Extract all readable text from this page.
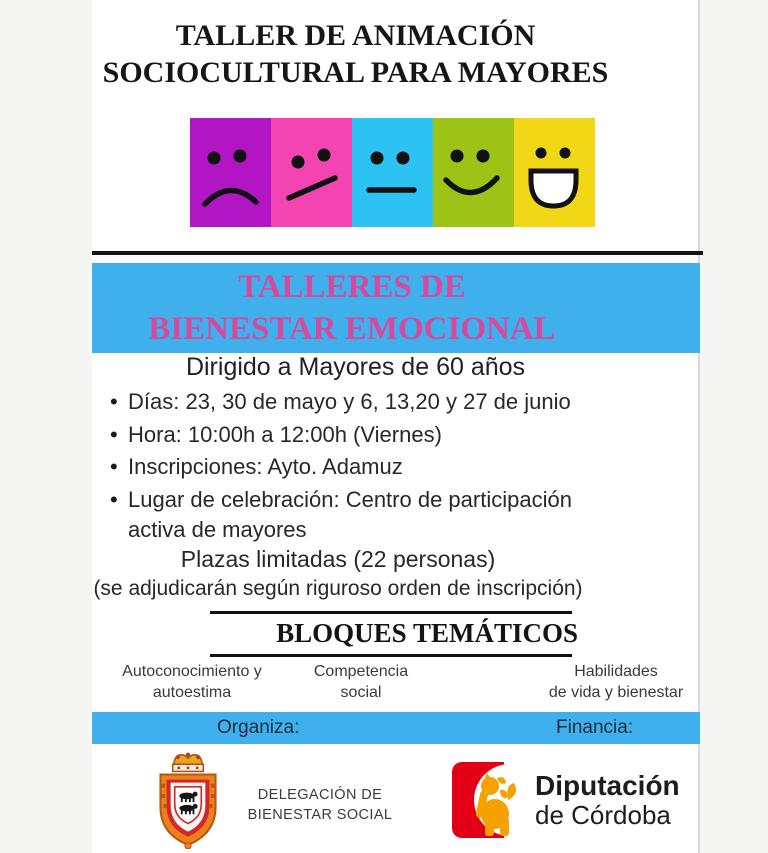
TALLER DE ANIMACIÓN
SOCIOCULTURAL PARA MAYORES
TALLERES DE
BIENESTAR EMOCIONAL
Dirigido a Mayores de 60 años
• Días: 23, 30 de mayo y 6, 13,20 y 27 de junio
• Hora: 10:00h a 12:00h (Viernes)
• Inscripciones: Ayto. Adamuz
• Lugar de celebración: Centro de participación activa de mayores
Plazas limitadas (22 personas)
(se adjudicarán según riguroso orden de inscripción)
BLOQUES TEMÁTICOS
Autoconocimiento y
autoestima
Competencia
social
Habilidades
de vida y bienestar
Organiza:	Financia:
DELEGACIÓN DE
BIENESTAR SOCIAL
Diputación
de Córdoba
